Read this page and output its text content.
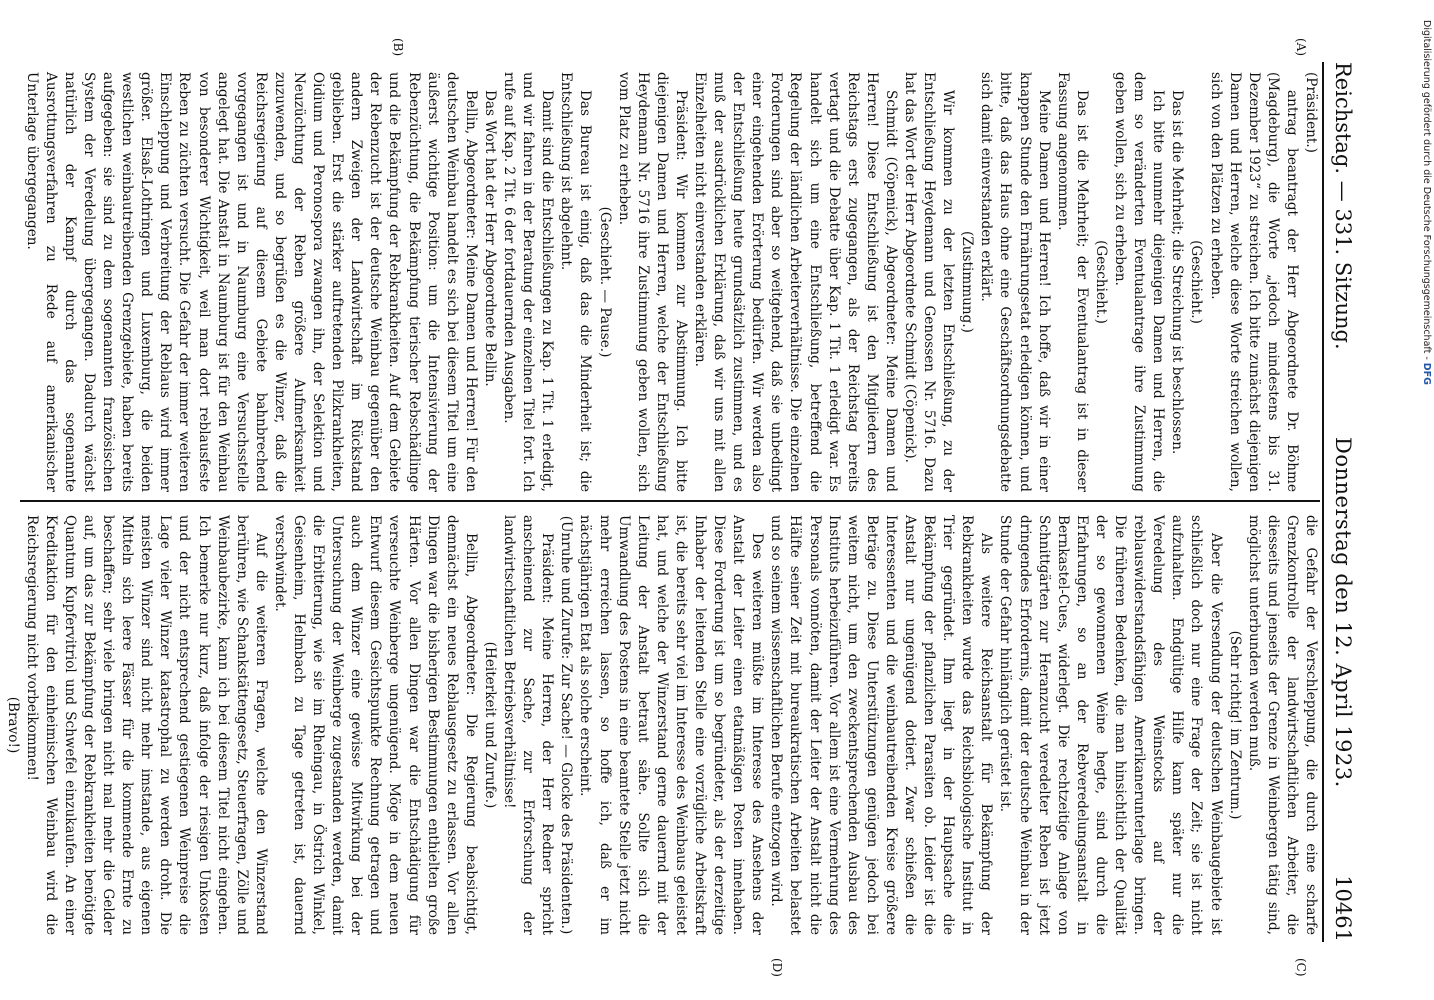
(A)
(B)
(C)
(D)
Reichstag. — 331. Sitzung.
Donnerstag den 12. April 1923.
10461

(Präsident.)

antrag beantragt der Herr Abgeordnete Dr. Böhme (Magdeburg), die Worte „jedoch mindestens bis 31. Dezember 1923“ zu streichen. Ich bitte zunächst diejenigen Damen und Herren, welche diese Worte streichen wollen, sich von den Plätzen zu erheben.

(Geschieht.)

Das ist die Mehrheit; die Streichung ist beschlossen.

Ich bitte nunmehr diejenigen Damen und Herren, die dem so veränderten Eventualantrage ihre Zustimmung geben wollen, sich zu erheben.

(Geschieht.)

Das ist die Mehrheit; der Eventualantrag ist in dieser Fassung angenommen.

Meine Damen und Herren! Ich hoffe, daß wir in einer knappen Stunde den Ernährungsetat erledigen können, und bitte, daß das Haus ohne eine Geschäftsordnungsdebatte sich damit einverstanden erklärt.

(Zustimmung.)

Wir kommen zu der letzten Entschließung, zu der Entschließung Heydemann und Genossen Nr. 5716. Dazu hat das Wort der Herr Abgeordnete Schmidt (Cöpenick).

Schmidt (Cöpenick), Abgeordneter: Meine Damen und Herren! Diese Entschließung ist den Mitgliedern des Reichstags erst zugegangen, als der Reichstag bereits vertagt und die Debatte über Kap. 1 Tit. 1 erledigt war. Es handelt sich um eine Entschließung, betreffend die Regelung der ländlichen Arbeiterverhältnisse. Die einzelnen Forderungen sind aber so weitgehend, daß sie unbedingt einer eingehenden Erörterung bedürfen. Wir werden also der Entschließung heute grundsätzlich zustimmen, und es muß der ausdrücklichen Erklärung, daß wir uns mit allen Einzelheiten nicht einverstanden erklären.

Präsident: Wir kommen zur Abstimmung. Ich bitte diejenigen Damen und Herren, welche der Entschließung Heydemann Nr. 5716 ihre Zustimmung geben wollen, sich vom Platz zu erheben.

(Geschieht. — Pause.)

Das Bureau ist einig, daß das die Minderheit ist; die Entschließung ist abgelehnt.

Damit sind die Entschließungen zu Kap. 1 Tit. 1 erledigt, und wir fahren in der Beratung der einzelnen Titel fort. Ich rufe auf Kap. 2 Tit. 6 der fortdauernden Ausgaben.

Das Wort hat der Herr Abgeordnete Bellin.

Bellin, Abgeordneter: Meine Damen und Herren! Für den deutschen Weinbau handelt es sich bei diesem Titel um eine äußerst wichtige Position: um die Intensivierung der Rebenzüchtung, die Bekämpfung tierischer Rebschädlinge und die Bekämpfung der Rebkrankheiten. Auf dem Gebiete der Rebenzucht ist der deutsche Weinbau gegenüber den andern Zweigen der Landwirtschaft im Rückstand geblieben. Erst die stärker auftretenden Pilzkrankheiten, Oidium und Peronospora zwangen ihn, der Selektion und Neuzüchtung der Reben größere Aufmerksamkeit zuzuwenden, und so begrüßen es die Winzer, daß die Reichsregierung auf diesem Gebiete bahnbrechend vorgegangen ist und in Naumburg eine Versuchsstelle angelegt hat. Die Anstalt in Naumburg ist für den Weinbau von besonderer Wichtigkeit, weil man dort reblausfeste Reben zu züchten versucht. Die Gefahr der immer weiteren Einschleppung und Verbreitung der Reblaus wird immer größer. Elsaß-Lothringen und Luxemburg, die beiden westlichen weinbautreibenden Grenzgebiete, haben bereits aufgegeben: sie sind zu dem sogenannten französischen System der Veredelung übergegangen. Dadurch wächst natürlich der Kampf durch das sogenannte Ausrottungsverfahren zu Rede auf amerikanischer Unterlage übergegangen.

die Gefahr der Verschleppung, die durch eine scharfe Grenzkontrolle der landwirtschaftlichen Arbeiter, die diesseits und jenseits der Grenze in Weinbergen tätig sind, möglichst unterbunden werden muß.

(Sehr richtig! im Zentrum.)

Aber die Versendung der deutschen Weinbaugebiete ist schließlich doch nur eine Frage der Zeit; sie ist nicht aufzuhalten. Endgültige Hilfe kann später nur die Veredelung des Weinstocks auf der reblauswiderstandsfähigen Amerikanerunterlage bringen. Die früheren Bedenken, die man hinsichtlich der Qualität der so gewonnenen Weine hegte, sind durch die Erfahrungen, so an der Rebveredelungsanstalt in Bernkastel-Cues, widerlegt. Die rechtzeitige Anlage von Schnittgärten zur Heranzucht veredelter Reben ist jetzt dringendes Erfordernis, damit der deutsche Weinbau in der Stunde der Gefahr hinlänglich gerüstet ist.

Als weitere Reichsanstalt für Bekämpfung der Rebkrankheiten wurde das Reichsbiologische Institut in Trier gegründet. Ihm liegt in der Hauptsache die Bekämpfung der pflanzlichen Parasiten ob. Leider ist die Anstalt nur ungenügend dotiert. Zwar schießen die Interessenten und die weinbautreibenden Kreise größere Beträge zu. Diese Unterstützungen genügen jedoch bei weitem nicht, um den zweckentsprechenden Ausbau des Instituts herbeizuführen. Vor allem ist eine Vermehrung des Personals vonnöten, damit der Leiter der Anstalt nicht die Hälfte seiner Zeit mit bureaukratischen Arbeiten belastet und so seinem wissenschaftlichen Berufe entzogen wird.

Des weiteren müßte im Interesse des Ansehens der Anstalt der Leiter einen etatmäßigen Posten innehaben. Diese Forderung ist um so begründeter, als der derzeitige Inhaber der leitenden Stelle eine vorzügliche Arbeitskraft ist, die bereits sehr viel im Interesse des Weinbaus geleistet hat, und welche der Winzerstand gerne dauernd mit der Leitung der Anstalt betraut sähe. Sollte sich die Umwandlung des Postens in eine beamtete Stelle jetzt nicht mehr erreichen lassen, so hoffe ich, daß er im nächstjährigen Etat als solche erscheint.

(Unruhe und Zurufe: Zur Sache! — Glocke des Präsidenten.)

Präsident: Meine Herren, der Herr Redner spricht anscheinend zur Sache, zur Erforschung der landwirtschaftlichen Betriebsverhältnisse!

(Heiterkeit und Zurufe.)

Bellin, Abgeordneter: Die Regierung beabsichtigt, demnächst ein neues Reblausgesetz zu erlassen. Vor allen Dingen war die bisherigen Bestimmungen enthielten große Härten. Vor allen Dingen war die Entschädigung für verseuchte Weinberge ungenügend. Möge in dem neuen Entwurf diesem Gesichtspunkte Rechnung getragen und auch dem Winzer eine gewisse Mitwirkung bei der Untersuchung der Weinberge zugestanden werden, damit die Erbitterung, wie sie im Rheingau, in Östrich Winkel, Geisenheim, Helmbach zu Tage getreten ist, dauernd verschwindet.

Auf die weiteren Fragen, welche den Winzerstand berühren, wie Schankstättengesetz, Steuerfragen, Zölle und Weinbaubezirke, kann ich bei diesem Titel nicht eingehen. Ich bemerke nur kurz, daß infolge der riesigen Unkosten und der nicht entsprechend gestiegenen Weinpreise die Lage vieler Winzer katastrophal zu werden droht. Die meisten Winzer sind nicht mehr imstande, aus eigenen Mitteln sich leere Fässer für die kommende Ernte zu beschaffen; sehr viele bringen nicht mal mehr die Gelder auf, um das zur Bekämpfung der Rebkrankheiten benötigte Quantum Kupfervitriol und Schwefel einzukaufen. An einer Kreditaktion für den einheimischen Weinbau wird die Reichsregierung nicht vorbeikommen!

(Bravo!)

Digitalisierung gefördert durch die Deutsche Forschungsgemeinschaft - DFG
